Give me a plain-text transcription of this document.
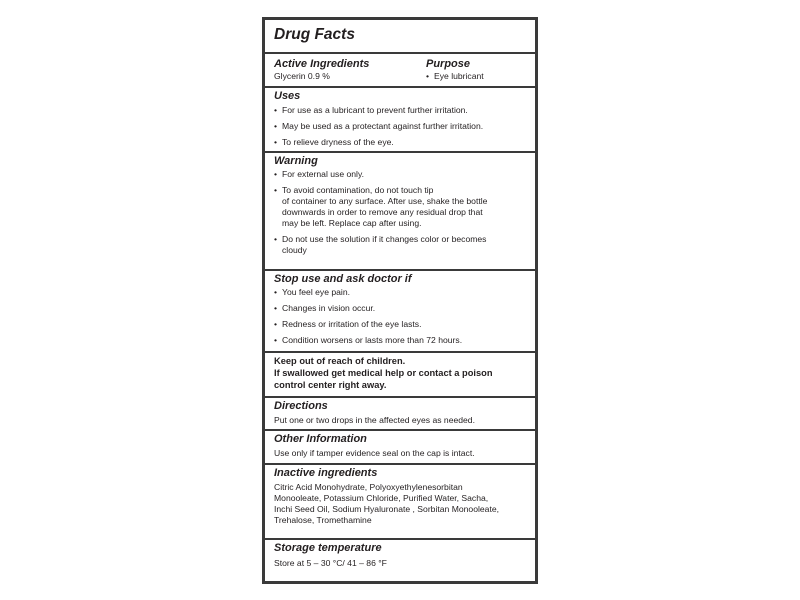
Drug Facts
Active Ingredients
Glycerin 0.9 %
Purpose
• Eye lubricant
Uses
• For use as a lubricant to prevent further irritation.
• May be used as a protectant against further irritation.
• To relieve dryness of the eye.
Warning
• For external use only.
• To avoid contamination, do not touch tip
of container to any surface. After use, shake the bottle
downwards in order to remove any residual drop that
may be left. Replace cap after using.
• Do not use the solution if it changes color or becomes
cloudy
Stop use and ask doctor if
• You feel eye pain.
• Changes in vision occur.
• Redness or irritation of the eye lasts.
• Condition worsens or lasts more than 72 hours.
Keep out of reach of children.
If swallowed get medical help or contact a poison
control center right away.
Directions
Put one or two drops in the affected eyes as needed.
Other Information
Use only if tamper evidence seal on the cap is intact.
Inactive ingredients
Citric Acid Monohydrate, Polyoxyethylenesorbitan
Monooleate, Potassium Chloride, Purified Water, Sacha,
Inchi Seed Oil, Sodium Hyaluronate , Sorbitan Monooleate,
Trehalose, Tromethamine
Storage temperature
Store at 5 – 30 °C/ 41 – 86 °F
